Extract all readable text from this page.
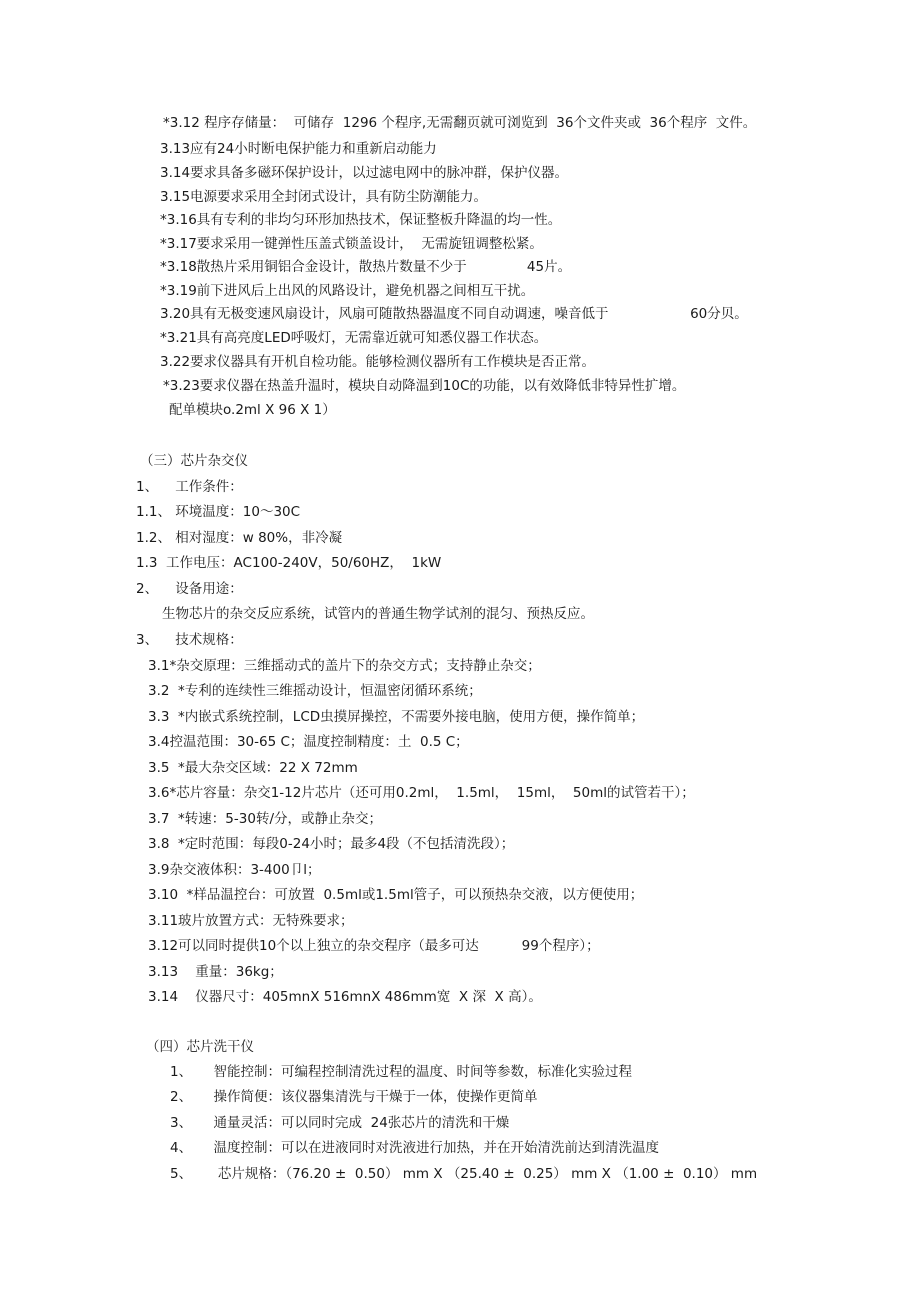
*3.12 程序存储量：  可储存  1296 个程序,无需翻页就可浏览到  36个文件夹或  36个程序  文件。

3.13应有24小时断电保护能力和重新启动能力

3.14要求具备多磁环保护设计，以过滤电网中的脉冲群，保护仪器。

3.15电源要求采用全封闭式设计，具有防尘防潮能力。

*3.16具有专利的非均匀环形加热技术，保证整板升降温的均一性。

*3.17要求采用一键弹性压盖式锁盖设计，  无需旋钮调整松紧。

*3.18散热片采用铜铝合金设计，散热片数量不少于              45片。

*3.19前下进风后上出风的风路设计，避免机器之间相互干扰。

3.20具有无极变速风扇设计，风扇可随散热器温度不同自动调速，噪音低于                   60分贝。

*3.21具有高亮度LED呼吸灯，无需靠近就可知悉仪器工作状态。

3.22要求仪器具有开机自检功能。能够检测仪器所有工作模块是否正常。

*3.23要求仪器在热盖升温时，模块自动降温到10C的功能，以有效降低非特异性扩增。

配单模块o.2ml X 96 X 1）

（三）芯片杂交仪

1、    工作条件：

1.1、 环境温度：10～30C

1.2、 相对湿度：w 80%，非冷凝

1.3  工作电压：AC100-240V，50/60HZ，  1kW

2、    设备用途：

生物芯片的杂交反应系统，试管内的普通生物学试剂的混匀、预热反应。

3、    技术规格：

3.1*杂交原理：三维摇动式的盖片下的杂交方式；支持静止杂交；

3.2  *专利的连续性三维摇动设计，恒温密闭循环系统；

3.3  *内嵌式系统控制，LCD虫摸屏操控，不需要外接电脑，使用方便，操作简单；

3.4控温范围：30-65 C；温度控制精度：土  0.5 C；

3.5  *最大杂交区域：22 X 72mm

3.6*芯片容量：杂交1-12片芯片（还可用0.2ml，  1.5ml，  15ml，  50ml的试管若干）；

3.7  *转速：5-30转/分，或静止杂交；

3.8  *定时范围：每段0-24小时；最多4段（不包括清洗段）；

3.9杂交液体积：3-400卩l；

3.10  *样品温控台：可放置  0.5ml或1.5ml管子，可以预热杂交液，以方便使用；

3.11玻片放置方式：无特殊要求；

3.12可以同时提供10个以上独立的杂交程序（最多可达          99个程序）；

3.13    重量：36kg；

3.14    仪器尺寸：405mnX 516mnX 486mm宽  X 深  X 高）。

（四）芯片洗干仪

1、     智能控制：可编程控制清洗过程的温度、时间等参数，标准化实验过程

2、     操作简便：该仪器集清洗与干燥于一体，使操作更简单

3、     通量灵活：可以同时完成  24张芯片的清洗和干燥

4、     温度控制：可以在进液同时对洗液进行加热，并在开始清洗前达到清洗温度

5、      芯片规格：（76.20 ±  0.50） mm X （25.40 ±  0.25） mm X （1.00 ±  0.10） mm
